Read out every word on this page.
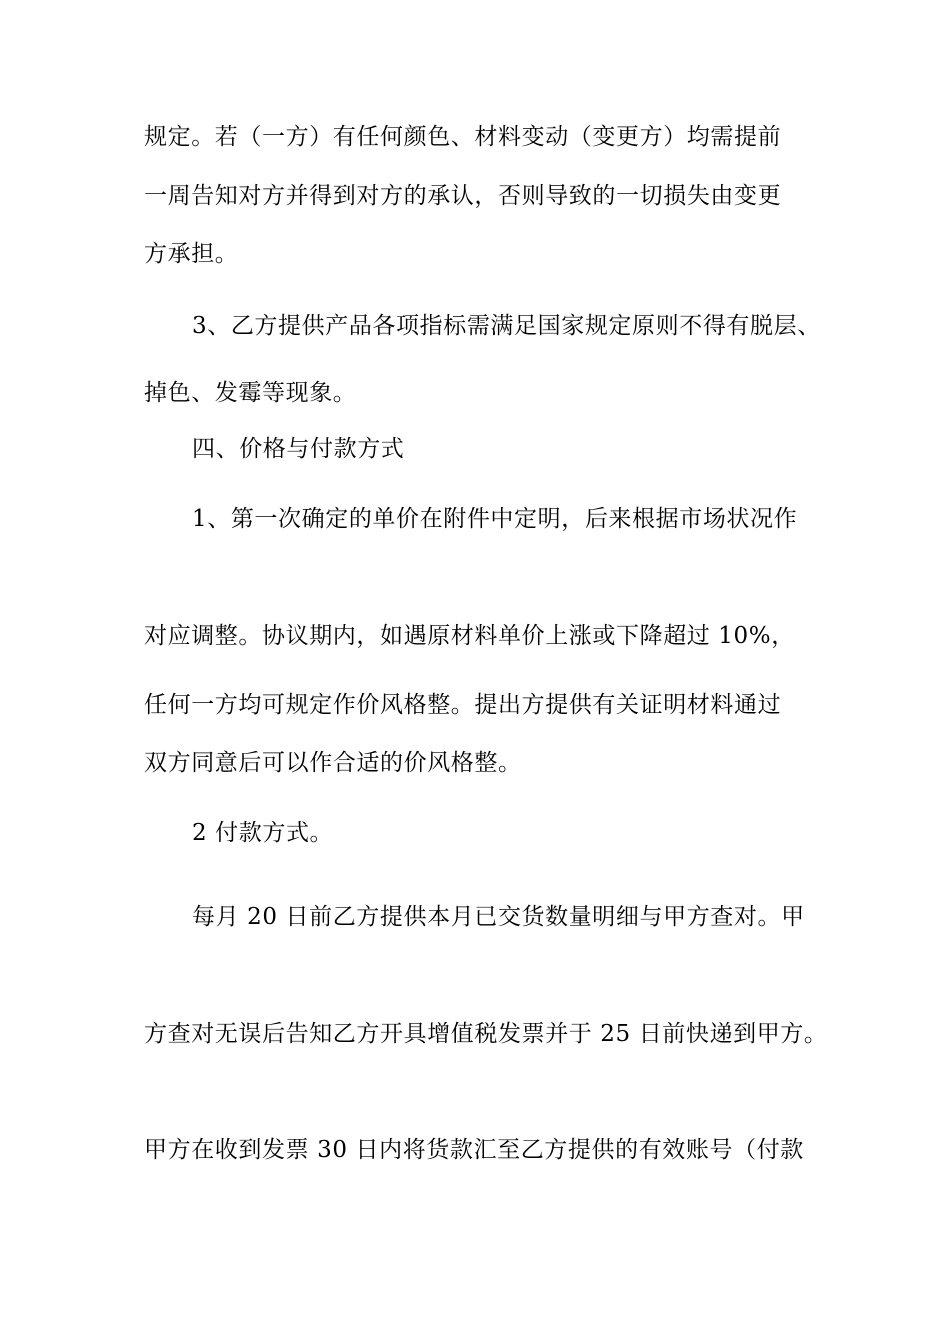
规定。若（一方）有任何颜色、材料变动（变更方）均需提前
一周告知对方并得到对方的承认，否则导致的一切损失由变更
方承担。
3、乙方提供产品各项指标需满足国家规定原则不得有脱层、
掉色、发霉等现象。
四、价格与付款方式
1、第一次确定的单价在附件中定明，后来根据市场状况作
对应调整。协议期内，如遇原材料单价上涨或下降超过 10%，
任何一方均可规定作价风格整。提出方提供有关证明材料通过
双方同意后可以作合适的价风格整。
2 付款方式。
每月 20 日前乙方提供本月已交货数量明细与甲方查对。甲
方查对无误后告知乙方开具增值税发票并于 25 日前快递到甲方。
甲方在收到发票 30 日内将货款汇至乙方提供的有效账号（付款
